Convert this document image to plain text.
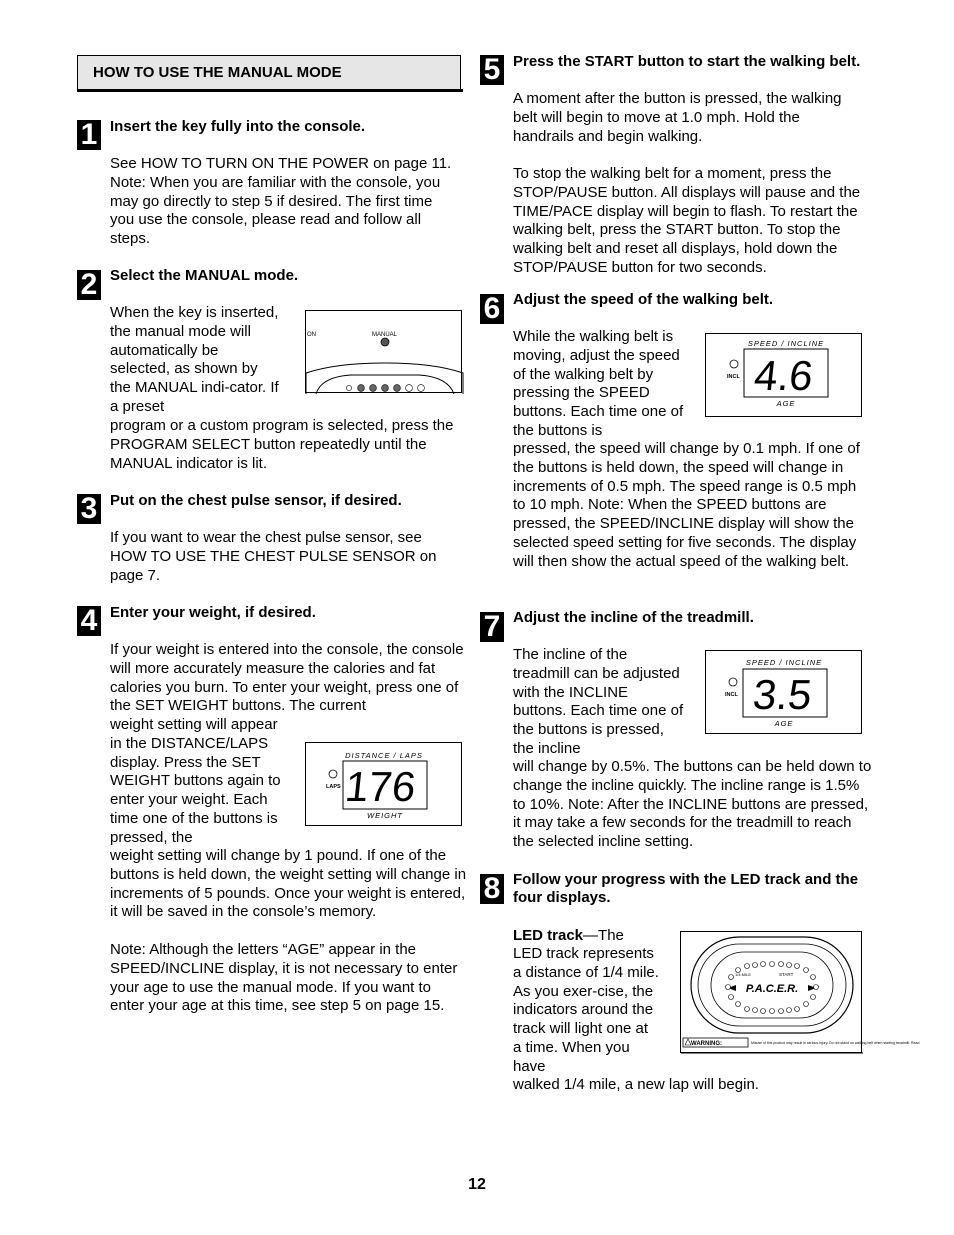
HOW TO USE THE MANUAL MODE
1 Insert the key fully into the console.
See HOW TO TURN ON THE POWER on page 11. Note: When you are familiar with the console, you may go directly to step 5 if desired. The first time you use the console, please read and follow all steps.
2 Select the MANUAL mode.
When the key is inserted, the manual mode will automatically be selected, as shown by the MANUAL indi-cator. If a preset
program or a custom program is selected, press the PROGRAM SELECT button repeatedly until the MANUAL indicator is lit.
ON	MANUAL
3 Put on the chest pulse sensor, if desired.
If you want to wear the chest pulse sensor, see HOW TO USE THE CHEST PULSE SENSOR on page 7.
4 Enter your weight, if desired.
If your weight is entered into the console, the console will more accurately measure the calories and fat calories you burn. To enter your weight, press one of the SET WEIGHT buttons. The current
weight setting will appear in the DISTANCE/LAPS display. Press the SET WEIGHT buttons again to enter your weight. Each time one of the buttons is pressed, the
weight setting will change by 1 pound. If one of the buttons is held down, the weight setting will change in increments of 5 pounds. Once your weight is entered, it will be saved in the console’s memory.
Note: Although the letters “AGE” appear in the SPEED/INCLINE display, it is not necessary to enter your age to use the manual mode. If you want to enter your age at this time, see step 5 on page 15.
DISTANCE / LAPS
LAPS 176
WEIGHT
5 Press the START button to start the walking belt.
A moment after the button is pressed, the walking belt will begin to move at 1.0 mph. Hold the handrails and begin walking.
To stop the walking belt for a moment, press the STOP/PAUSE button. All displays will pause and the TIME/PACE display will begin to flash. To restart the walking belt, press the START button. To stop the walking belt and reset all displays, hold down the STOP/PAUSE button for two seconds.
6 Adjust the speed of the walking belt.
While the walking belt is moving, adjust the speed of the walking belt by pressing the SPEED buttons. Each time one of the buttons is
pressed, the speed will change by 0.1 mph. If one of the buttons is held down, the speed will change in increments of 0.5 mph. The speed range is 0.5 mph to 10 mph. Note: When the SPEED buttons are pressed, the SPEED/INCLINE display will show the selected speed setting for five seconds. The display will then show the actual speed of the walking belt.
SPEED / INCLINE
INCL 4.6
AGE
7 Adjust the incline of the treadmill.
The incline of the treadmill can be adjusted with the INCLINE buttons. Each time one of the buttons is pressed, the incline
will change by 0.5%. The buttons can be held down to change the incline quickly. The incline range is 1.5% to 10%. Note: After the INCLINE buttons are pressed, it may take a few seconds for the treadmill to reach the selected incline setting.
SPEED / INCLINE
INCL 3.5
AGE
8 Follow your progress with the LED track and the four displays.
LED track—The
LED track represents a distance of 1/4 mile. As you exer-cise, the indicators around the track will light one at a time. When you have
walked 1/4 mile, a new lap will begin.
1/4 MILE	START
P.A.C.E.R.
WARNING:	Misuse of this product may result in serious injury. Do not stand on walking belt when starting treadmill. Read
12
